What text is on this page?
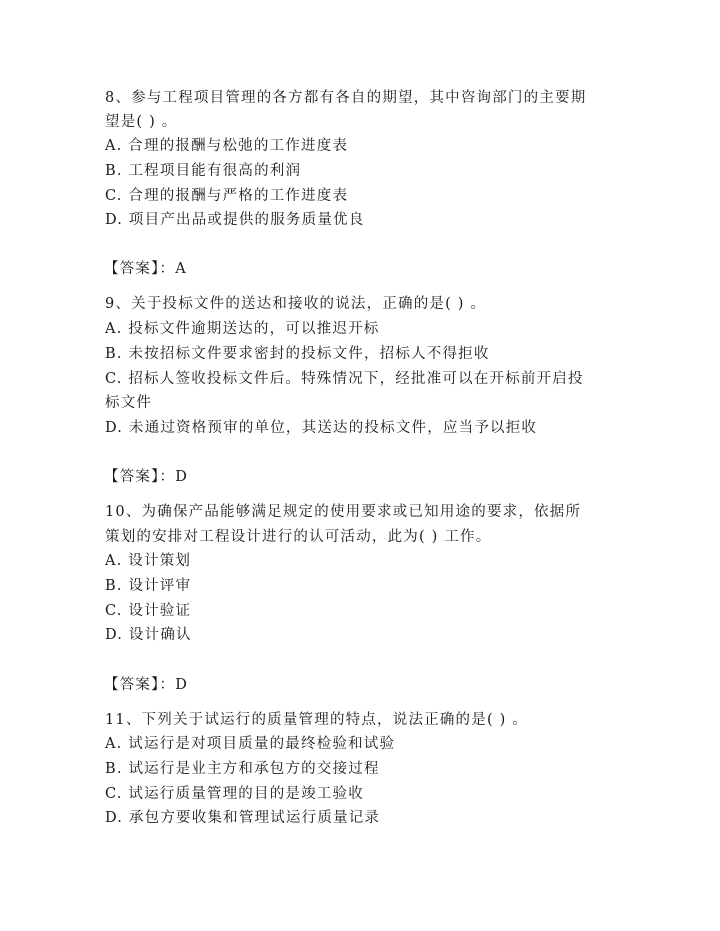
8、参与工程项目管理的各方都有各自的期望，其中咨询部门的主要期
望是( ) 。
A. 合理的报酬与松弛的工作进度表
B. 工程项目能有很高的利润
C. 合理的报酬与严格的工作进度表
D. 项目产出品或提供的服务质量优良
【答案】：A
9、关于投标文件的送达和接收的说法，正确的是( ) 。
A. 投标文件逾期送达的，可以推迟开标
B. 未按招标文件要求密封的投标文件，招标人不得拒收
C. 招标人签收投标文件后。特殊情况下，经批准可以在开标前开启投
标文件
D. 未通过资格预审的单位，其送达的投标文件，应当予以拒收
【答案】：D
10、为确保产品能够满足规定的使用要求或已知用途的要求，依据所
策划的安排对工程设计进行的认可活动，此为( ) 工作。
A. 设计策划
B. 设计评审
C. 设计验证
D. 设计确认
【答案】：D
11、下列关于试运行的质量管理的特点，说法正确的是( ) 。
A. 试运行是对项目质量的最终检验和试验
B. 试运行是业主方和承包方的交接过程
C. 试运行质量管理的目的是竣工验收
D. 承包方要收集和管理试运行质量记录
